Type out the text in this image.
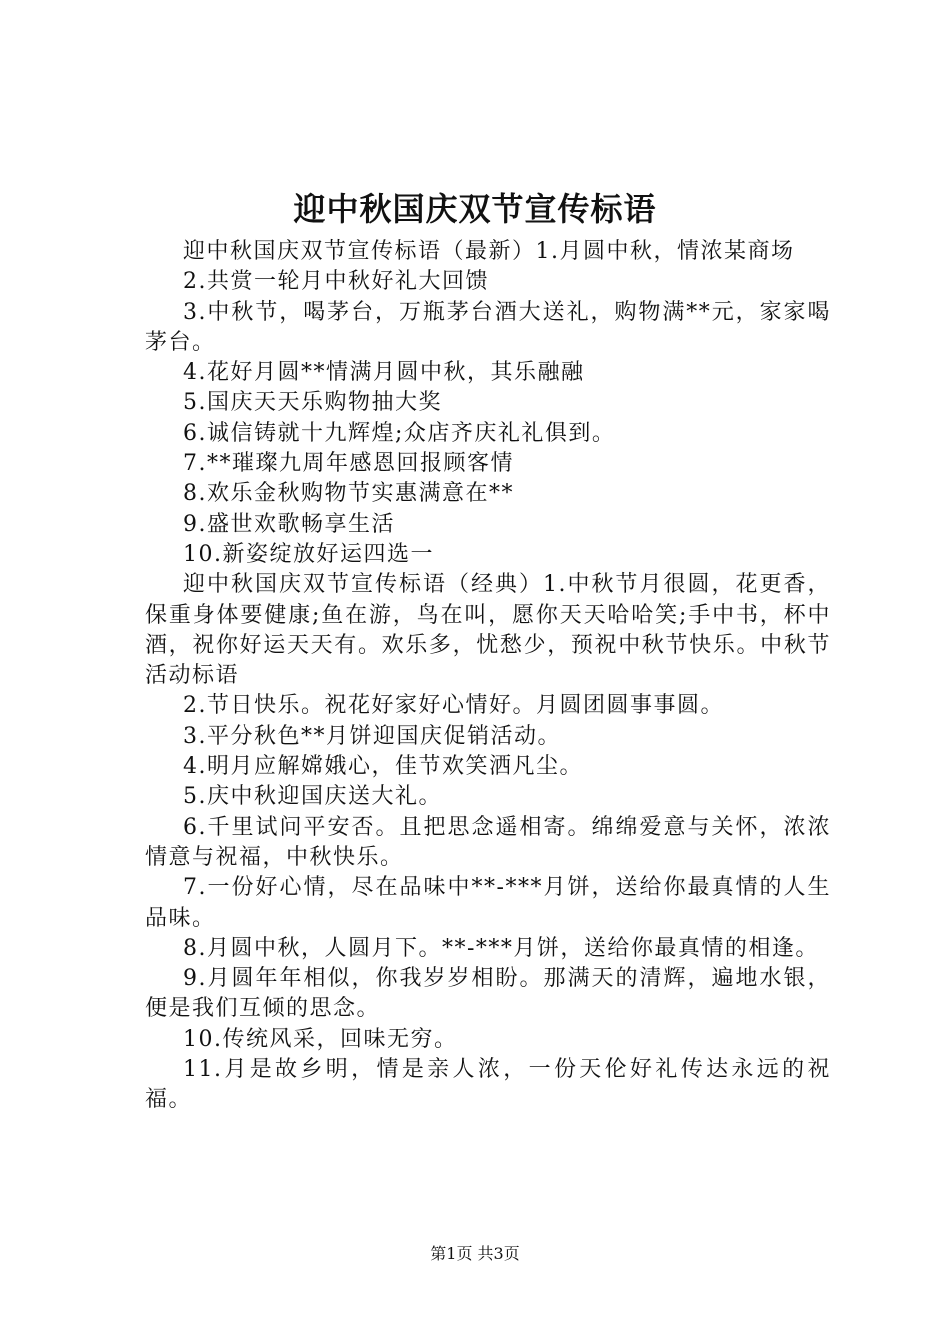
迎中秋国庆双节宣传标语

迎中秋国庆双节宣传标语（最新）1.月圆中秋，情浓某商场

2.共赏一轮月中秋好礼大回馈

3.中秋节，喝茅台，万瓶茅台酒大送礼，购物满**元，家家喝茅台。

4.花好月圆**情满月圆中秋，其乐融融

5.国庆天天乐购物抽大奖

6.诚信铸就十九辉煌;众店齐庆礼礼俱到。

7.**璀璨九周年感恩回报顾客情

8.欢乐金秋购物节实惠满意在**

9.盛世欢歌畅享生活

10.新姿绽放好运四选一

迎中秋国庆双节宣传标语（经典）1.中秋节月很圆，花更香，保重身体要健康;鱼在游，鸟在叫，愿你天天哈哈笑;手中书，杯中酒，祝你好运天天有。欢乐多，忧愁少，预祝中秋节快乐。中秋节活动标语

2.节日快乐。祝花好家好心情好。月圆团圆事事圆。

3.平分秋色**月饼迎国庆促销活动。

4.明月应解嫦娥心，佳节欢笑洒凡尘。

5.庆中秋迎国庆送大礼。

6.千里试问平安否。且把思念遥相寄。绵绵爱意与关怀，浓浓情意与祝福，中秋快乐。

7.一份好心情，尽在品味中**-***月饼，送给你最真情的人生品味。

8.月圆中秋，人圆月下。**-***月饼，送给你最真情的相逢。

9.月圆年年相似，你我岁岁相盼。那满天的清辉，遍地水银，便是我们互倾的思念。

10.传统风采，回味无穷。

11.月是故乡明，情是亲人浓，一份天伦好礼传达永远的祝福。

第1页 共3页
